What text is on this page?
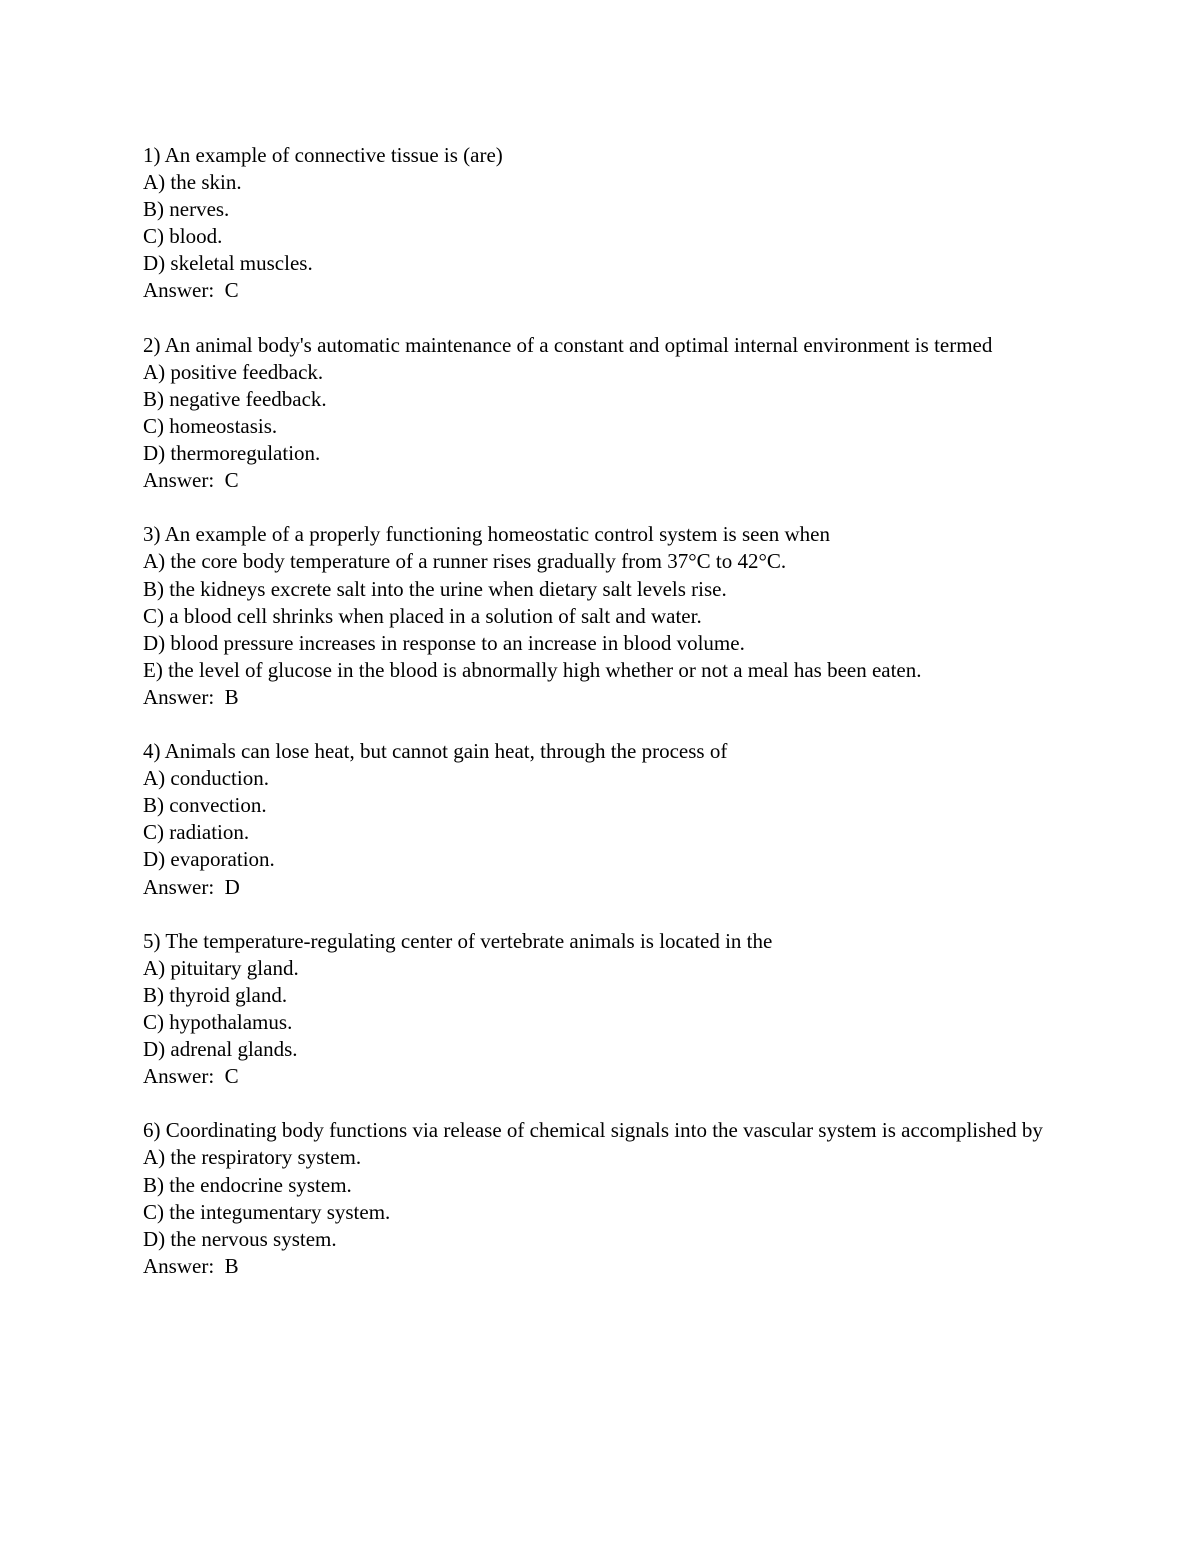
1) An example of connective tissue is (are)
A) the skin.
B) nerves.
C) blood.
D) skeletal muscles.
Answer:  C
2) An animal body's automatic maintenance of a constant and optimal internal environment is termed
A) positive feedback.
B) negative feedback.
C) homeostasis.
D) thermoregulation.
Answer:  C
3) An example of a properly functioning homeostatic control system is seen when
A) the core body temperature of a runner rises gradually from 37°C to 42°C.
B) the kidneys excrete salt into the urine when dietary salt levels rise.
C) a blood cell shrinks when placed in a solution of salt and water.
D) blood pressure increases in response to an increase in blood volume.
E) the level of glucose in the blood is abnormally high whether or not a meal has been eaten.
Answer:  B
4) Animals can lose heat, but cannot gain heat, through the process of
A) conduction.
B) convection.
C) radiation.
D) evaporation.
Answer:  D
5) The temperature-regulating center of vertebrate animals is located in the
A) pituitary gland.
B) thyroid gland.
C) hypothalamus.
D) adrenal glands.
Answer:  C
6) Coordinating body functions via release of chemical signals into the vascular system is accomplished by
A) the respiratory system.
B) the endocrine system.
C) the integumentary system.
D) the nervous system.
Answer:  B
